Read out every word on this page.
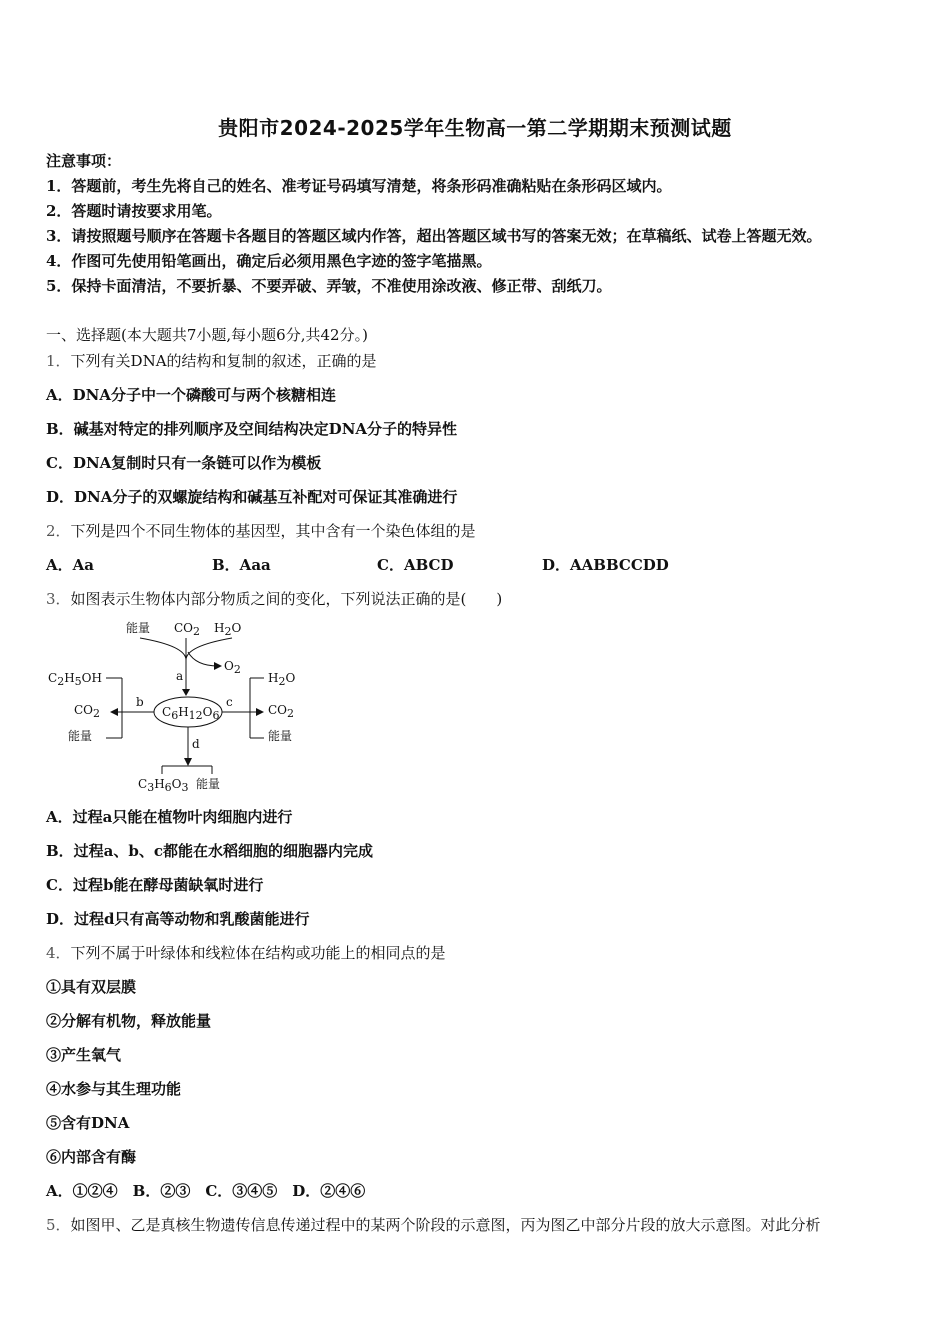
贵阳市2024-2025学年生物高一第二学期期末预测试题
注意事项：
1．答题前，考生先将自己的姓名、准考证号码填写清楚，将条形码准确粘贴在条形码区域内。
2．答题时请按要求用笔。
3．请按照题号顺序在答题卡各题目的答题区域内作答，超出答题区域书写的答案无效；在草稿纸、试卷上答题无效。
4．作图可先使用铅笔画出，确定后必须用黑色字迹的签字笔描黑。
5．保持卡面清洁，不要折暴、不要弄破、弄皱，不准使用涂改液、修正带、刮纸刀。
一、选择题(本大题共7小题,每小题6分,共42分。)
1．下列有关DNA的结构和复制的叙述，正确的是
A．DNA分子中一个磷酸可与两个核糖相连
B．碱基对特定的排列顺序及空间结构决定DNA分子的特异性
C．DNA复制时只有一条链可以作为模板
D．DNA分子的双螺旋结构和碱基互补配对可保证其准确进行
2．下列是四个不同生物体的基因型，其中含有一个染色体组的是
A．Aa	B．Aaa	C．ABCD	D．AABBCCDD
3．如图表示生物体内部分物质之间的变化，下列说法正确的是(　　)
能量 CO2 H2O
O2
a
C6H12O6
b
C2H5OH
CO2
能量
c
H2O
CO2
能量
d
C3H6O3 能量
A．过程a只能在植物叶肉细胞内进行
B．过程a、b、c都能在水稻细胞的细胞器内完成
C．过程b能在酵母菌缺氧时进行
D．过程d只有高等动物和乳酸菌能进行
4．下列不属于叶绿体和线粒体在结构或功能上的相同点的是
①具有双层膜
②分解有机物，释放能量
③产生氧气
④水参与其生理功能
⑤含有DNA
⑥内部含有酶
A．①②④　B．②③　C．③④⑤　D．②④⑥
5．如图甲、乙是真核生物遗传信息传递过程中的某两个阶段的示意图，丙为图乙中部分片段的放大示意图。对此分析
